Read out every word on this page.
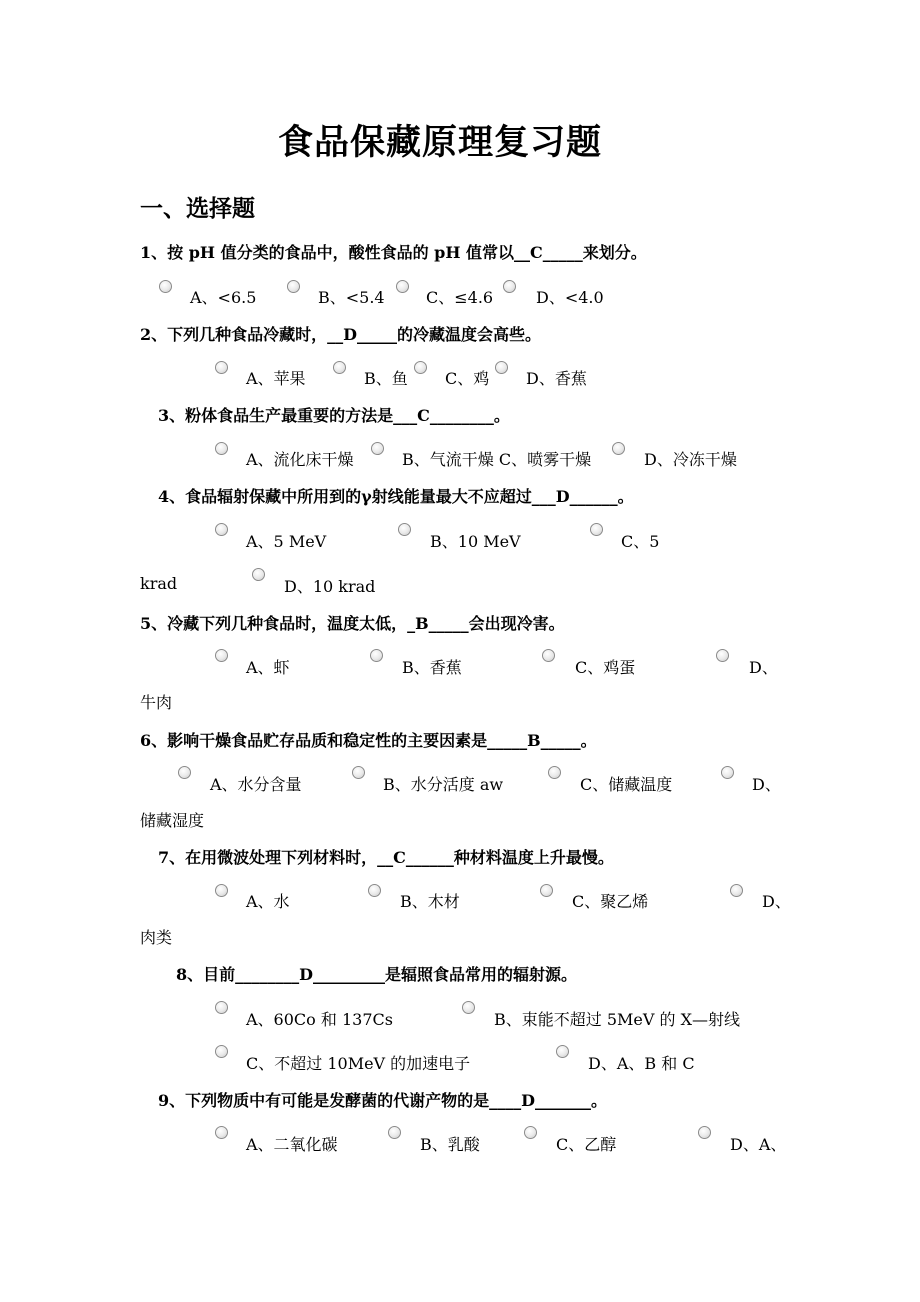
食品保藏原理复习题
一、选择题
1、按 pH 值分类的食品中，酸性食品的 pH 值常以__C_____来划分。
A、<6.5	B、<5.4	C、≤4.6	D、<4.0
2、下列几种食品冷藏时，__D_____的冷藏温度会高些。
A、苹果	B、鱼 C、鸡 D、香蕉
3、粉体食品生产最重要的方法是___C________。
A、流化床干燥	B、气流干燥 C、喷雾干燥	D、冷冻干燥
4、食品辐射保藏中所用到的γ射线能量最大不应超过___D______。
A、5 MeV	B、10 MeV	C、5
krad	D、10 krad
5、冷藏下列几种食品时，温度太低，_B_____会出现冷害。
A、虾	B、香蕉	C、鸡蛋	D、
牛肉
6、影响干燥食品贮存品质和稳定性的主要因素是_____B_____。
A、水分含量	B、水分活度 aw	C、储藏温度	D、
储藏湿度
7、在用微波处理下列材料时，__C______种材料温度上升最慢。
A、水	B、木材	C、聚乙烯	D、
肉类
8、目前________D_________是辐照食品常用的辐射源。
A、60Co 和 137Cs	B、束能不超过 5MeV 的 X—射线
C、不超过 10MeV 的加速电子	D、A、B 和 C
9、下列物质中有可能是发酵菌的代谢产物的是____D_______。
A、二氧化碳	B、乳酸	C、乙醇	D、A、
